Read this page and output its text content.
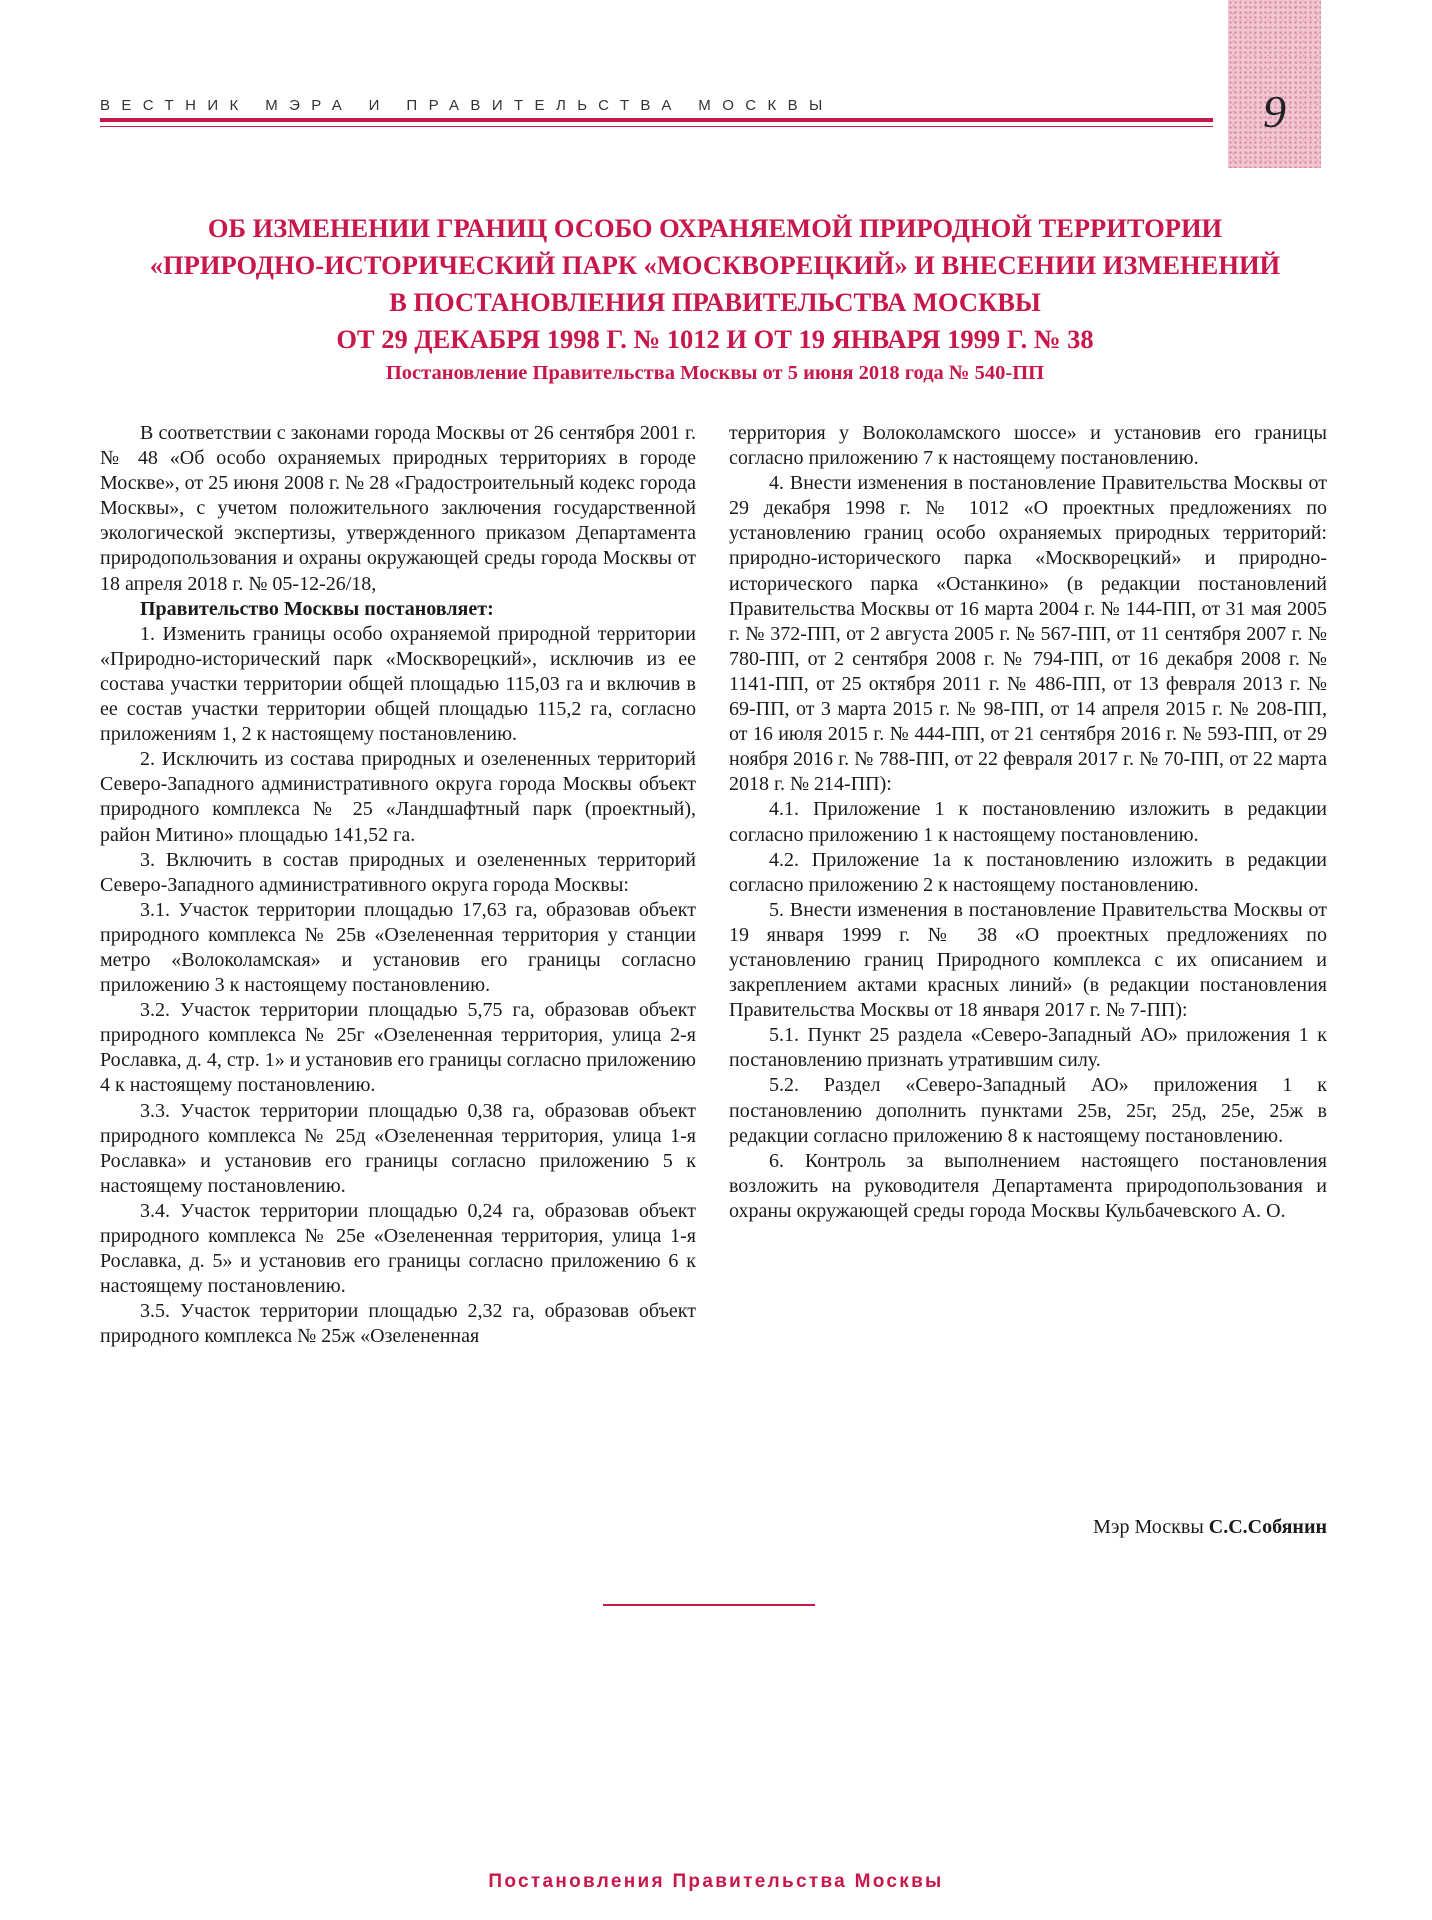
ВЕСТНИК МЭРА И ПРАВИТЕЛЬСТВА МОСКВЫ	9
ОБ ИЗМЕНЕНИИ ГРАНИЦ ОСОБО ОХРАНЯЕМОЙ ПРИРОДНОЙ ТЕРРИТОРИИ
«ПРИРОДНО-ИСТОРИЧЕСКИЙ ПАРК «МОСКВОРЕЦКИЙ» И ВНЕСЕНИИ ИЗМЕНЕНИЙ
В ПОСТАНОВЛЕНИЯ ПРАВИТЕЛЬСТВА МОСКВЫ
ОТ 29 ДЕКАБРЯ 1998 Г. № 1012 И ОТ 19 ЯНВАРЯ 1999 Г. № 38

Постановление Правительства Москвы от 5 июня 2018 года № 540-ПП

В соответствии с законами города Москвы от 26 сентября 2001 г. № 48 «Об особо охраняемых природных территориях в городе Москве», от 25 июня 2008 г. № 28 «Градостроительный кодекс города Москвы», с учетом положительного заключения государственной экологической экспертизы, утвержденного приказом Департамента природопользования и охраны окружающей среды города Москвы от 18 апреля 2018 г. № 05-12-26/18,

Правительство Москвы постановляет:

1. Изменить границы особо охраняемой природной территории «Природно-исторический парк «Москворецкий», исключив из ее состава участки территории общей площадью 115,03 га и включив в ее состав участки территории общей площадью 115,2 га, согласно приложениям 1, 2 к настоящему постановлению.

2. Исключить из состава природных и озелененных территорий Северо-Западного административного округа города Москвы объект природного комплекса № 25 «Ландшафтный парк (проектный), район Митино» площадью 141,52 га.

3. Включить в состав природных и озелененных территорий Северо-Западного административного округа города Москвы:

3.1. Участок территории площадью 17,63 га, образовав объект природного комплекса № 25в «Озелененная территория у станции метро «Волоколамская» и установив его границы согласно приложению 3 к настоящему постановлению.

3.2. Участок территории площадью 5,75 га, образовав объект природного комплекса № 25г «Озелененная территория, улица 2-я Рославка, д. 4, стр. 1» и установив его границы согласно приложению 4 к настоящему постановлению.

3.3. Участок территории площадью 0,38 га, образовав объект природного комплекса № 25д «Озелененная территория, улица 1-я Рославка» и установив его границы согласно приложению 5 к настоящему постановлению.

3.4. Участок территории площадью 0,24 га, образовав объект природного комплекса № 25е «Озелененная территория, улица 1-я Рославка, д. 5» и установив его границы согласно приложению 6 к настоящему постановлению.

3.5. Участок территории площадью 2,32 га, образовав объект природного комплекса № 25ж «Озелененная

территория у Волоколамского шоссе» и установив его границы согласно приложению 7 к настоящему постановлению.

4. Внести изменения в постановление Правительства Москвы от 29 декабря 1998 г. № 1012 «О проектных предложениях по установлению границ особо охраняемых природных территорий: природно-исторического парка «Москворецкий» и природно-исторического парка «Останкино» (в редакции постановлений Правительства Москвы от 16 марта 2004 г. № 144-ПП, от 31 мая 2005 г. № 372-ПП, от 2 августа 2005 г. № 567-ПП, от 11 сентября 2007 г. № 780-ПП, от 2 сентября 2008 г. № 794-ПП, от 16 декабря 2008 г. № 1141-ПП, от 25 октября 2011 г. № 486-ПП, от 13 февраля 2013 г. № 69-ПП, от 3 марта 2015 г. № 98-ПП, от 14 апреля 2015 г. № 208-ПП, от 16 июля 2015 г. № 444-ПП, от 21 сентября 2016 г. № 593-ПП, от 29 ноября 2016 г. № 788-ПП, от 22 февраля 2017 г. № 70-ПП, от 22 марта 2018 г. № 214-ПП):

4.1. Приложение 1 к постановлению изложить в редакции согласно приложению 1 к настоящему постановлению.

4.2. Приложение 1а к постановлению изложить в редакции согласно приложению 2 к настоящему постановлению.

5. Внести изменения в постановление Правительства Москвы от 19 января 1999 г. № 38 «О проектных предложениях по установлению границ Природного комплекса с их описанием и закреплением актами красных линий» (в редакции постановления Правительства Москвы от 18 января 2017 г. № 7-ПП):

5.1. Пункт 25 раздела «Северо-Западный АО» приложения 1 к постановлению признать утратившим силу.

5.2. Раздел «Северо-Западный АО» приложения 1 к постановлению дополнить пунктами 25в, 25г, 25д, 25е, 25ж в редакции согласно приложению 8 к настоящему постановлению.

6. Контроль за выполнением настоящего постановления возложить на руководителя Департамента природопользования и охраны окружающей среды города Москвы Кульбачевского А. О.

Мэр Москвы С.С.Собянин
Постановления Правительства Москвы
